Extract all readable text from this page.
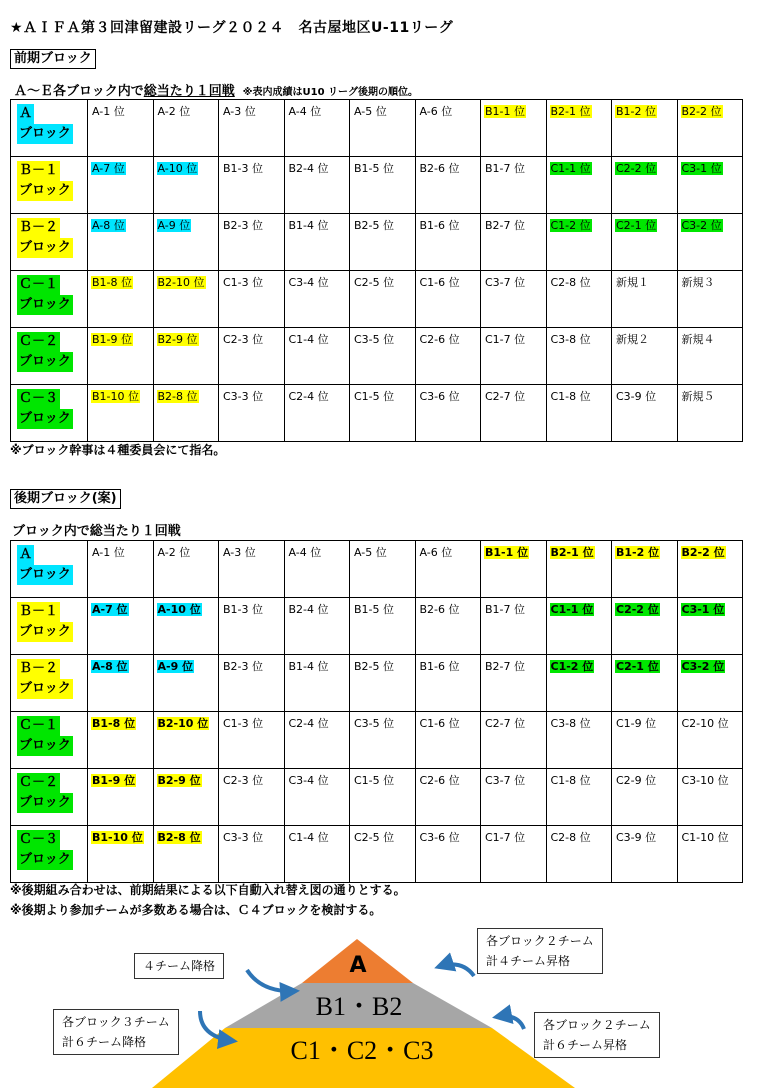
★ＡＩＦＡ第３回津留建設リーグ２０２４　名古屋地区U-11リーグ
前期ブロック
Ａ～Ｅ各ブロック内で総当たり１回戦 ※表内成績はU10 リーグ後期の順位。
Ａ
ブロック	A-1 位	A-2 位	A-3 位	A-4 位	A-5 位	A-6 位	B1-1 位	B2-1 位	B1-2 位	B2-2 位

Ｂ－１
ブロック	A-7 位	A-10 位	B1-3 位	B2-4 位	B1-5 位	B2-6 位	B1-7 位	C1-1 位	C2-2 位	C3-1 位

Ｂ－２
ブロック	A-8 位	A-9 位	B2-3 位	B1-4 位	B2-5 位	B1-6 位	B2-7 位	C1-2 位	C2-1 位	C3-2 位

Ｃ－１
ブロック	B1-8 位	B2-10 位	C1-3 位	C3-4 位	C2-5 位	C1-6 位	C3-7 位	C2-8 位	新規１	新規３

Ｃ－２
ブロック	B1-9 位	B2-9 位	C2-3 位	C1-4 位	C3-5 位	C2-6 位	C1-7 位	C3-8 位	新規２	新規４

Ｃ－３
ブロック	B1-10 位	B2-8 位	C3-3 位	C2-4 位	C1-5 位	C3-6 位	C2-7 位	C1-8 位	C3-9 位	新規５
※ブロック幹事は４種委員会にて指名。
後期ブロック(案)
ブロック内で総当たり１回戦
Ａ
ブロック	A-1 位	A-2 位	A-3 位	A-4 位	A-5 位	A-6 位	B1-1 位	B2-1 位	B1-2 位	B2-2 位

Ｂ－１
ブロック	A-7 位	A-10 位	B1-3 位	B2-4 位	B1-5 位	B2-6 位	B1-7 位	C1-1 位	C2-2 位	C3-1 位

Ｂ－２
ブロック	A-8 位	A-9 位	B2-3 位	B1-4 位	B2-5 位	B1-6 位	B2-7 位	C1-2 位	C2-1 位	C3-2 位

Ｃ－１
ブロック	B1-8 位	B2-10 位	C1-3 位	C2-4 位	C3-5 位	C1-6 位	C2-7 位	C3-8 位	C1-9 位	C2-10 位

Ｃ－２
ブロック	B1-9 位	B2-9 位	C2-3 位	C3-4 位	C1-5 位	C2-6 位	C3-7 位	C1-8 位	C2-9 位	C3-10 位

Ｃ－３
ブロック	B1-10 位	B2-8 位	C3-3 位	C1-4 位	C2-5 位	C3-6 位	C1-7 位	C2-8 位	C3-9 位	C1-10 位
※後期組み合わせは、前期結果による以下自動入れ替え図の通りとする。
※後期より参加チームが多数ある場合は、Ｃ４ブロックを検討する。
A
B1・B2
C1・C2・C3
４チーム降格
各ブロック２チーム
計４チーム昇格
各ブロック３チーム
計６チーム降格
各ブロック２チーム
計６チーム昇格
